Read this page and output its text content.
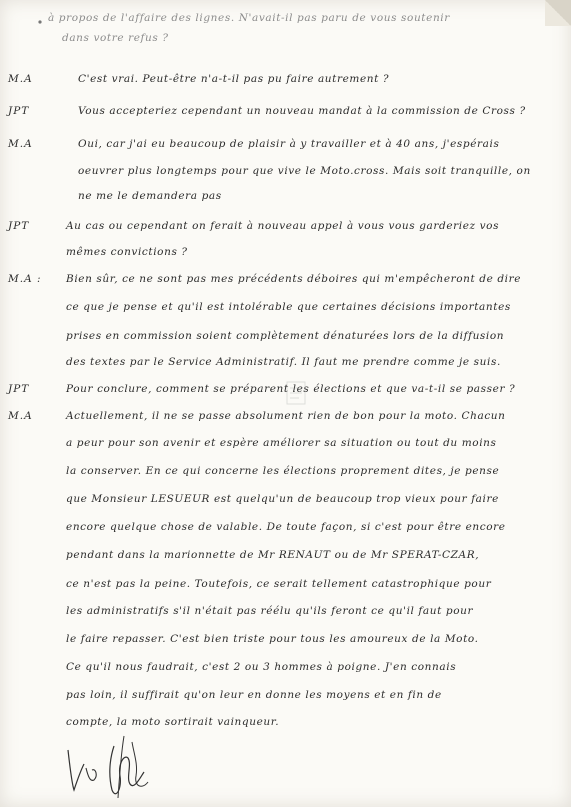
à propos de l'affaire des lignes. N'avait-il pas paru de vous soutenir
dans votre refus ?
M.A	C'est vrai. Peut-être n'a-t-il pas pu faire autrement ?
JPT	Vous accepteriez cependant un nouveau mandat à la commission de Cross ?
M.A	Oui, car j'ai eu beaucoup de plaisir à y travailler et à 40 ans, j'espérais
oeuvrer plus longtemps pour que vive le Moto.cross. Mais soit tranquille, on
ne me le demandera pas
JPT	Au cas ou cependant on ferait à nouveau appel à vous vous garderiez vos
mêmes convictions ?
M.A : Bien sûr, ce ne sont pas mes précédents déboires qui m'empêcheront de dire
ce que je pense et qu'il est intolérable que certaines décisions importantes
prises en commission soient complètement dénaturées lors de la diffusion
des textes par le Service Administratif. Il faut me prendre comme je suis.
JPT	Pour conclure, comment se préparent les élections et que va-t-il se passer ?
M.A	Actuellement, il ne se passe absolument rien de bon pour la moto. Chacun
a peur pour son avenir et espère améliorer sa situation ou tout du moins
la conserver. En ce qui concerne les élections proprement dites, je pense
que Monsieur LESUEUR est quelqu'un de beaucoup trop vieux pour faire
encore quelque chose de valable. De toute façon, si c'est pour être encore
pendant dans la marionnette de Mr RENAUT ou de Mr SPERAT-CZAR,
ce n'est pas la peine. Toutefois, ce serait tellement catastrophique pour
les administratifs s'il n'était pas réélu qu'ils feront ce qu'il faut pour
le faire repasser. C'est bien triste pour tous les amoureux de la Moto.
Ce qu'il nous faudrait, c'est 2 ou 3 hommes à poigne. J'en connais
pas loin, il suffirait qu'on leur en donne les moyens et en fin de
compte, la moto sortirait vainqueur.
